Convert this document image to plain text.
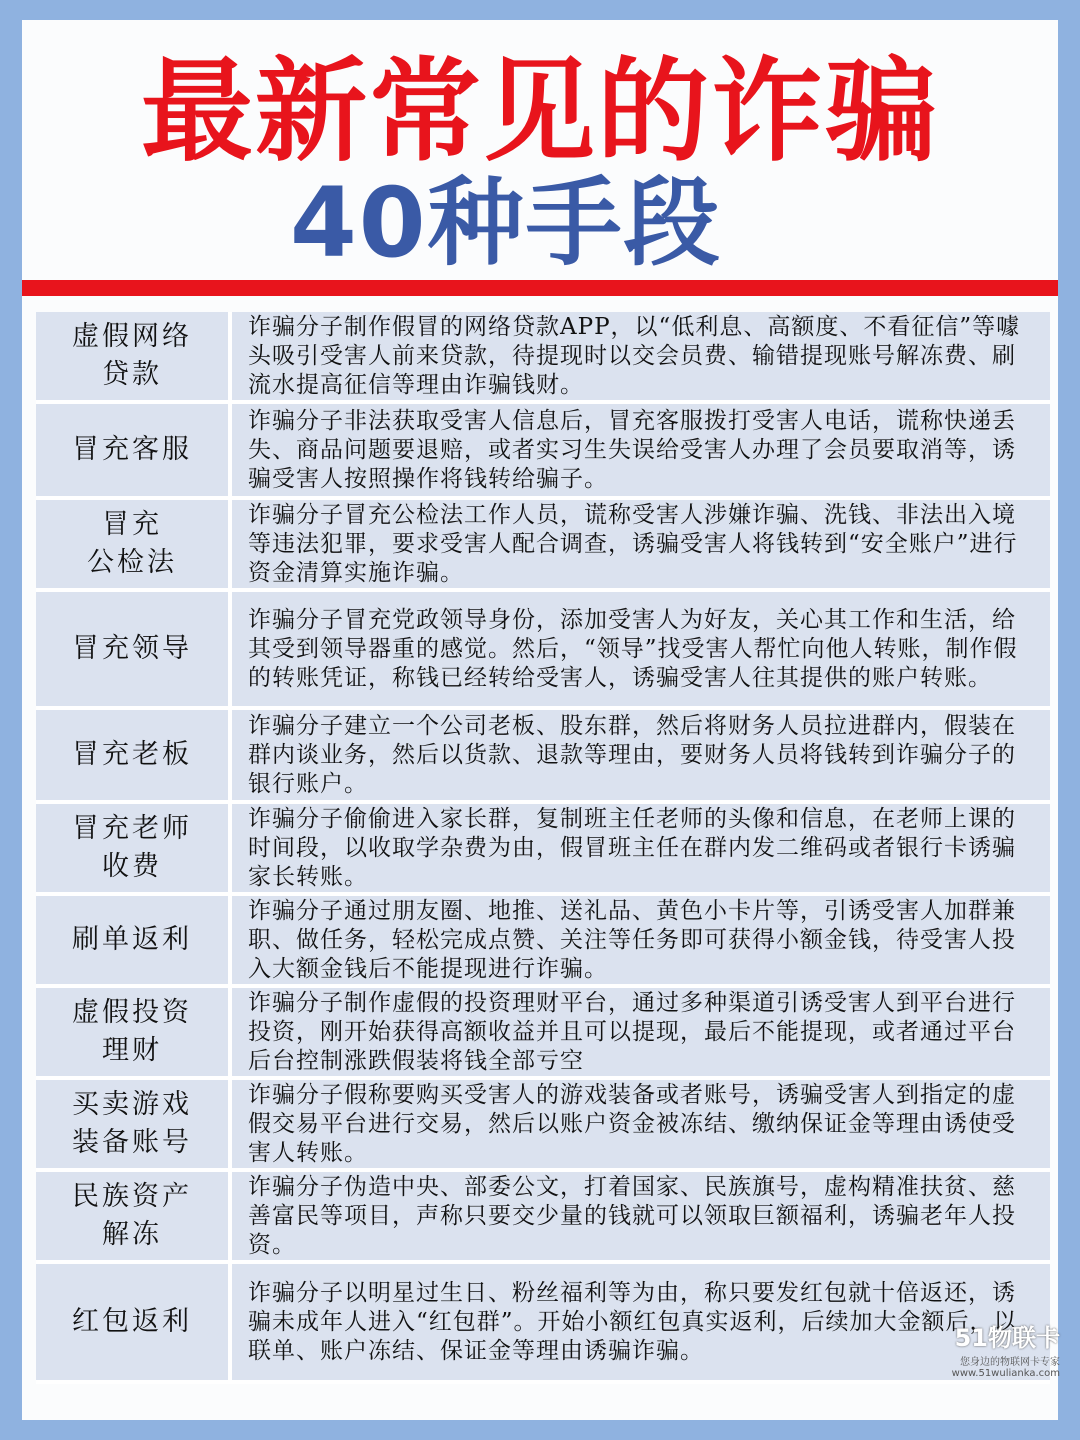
最新常见的诈骗
40种手段
虚假网络
贷款
诈骗分子制作假冒的网络贷款APP，以“低利息、高额度、不看征信”等噱头吸引受害人前来贷款，待提现时以交会员费、输错提现账号解冻费、刷流水提高征信等理由诈骗钱财。
冒充客服
诈骗分子非法获取受害人信息后，冒充客服拨打受害人电话，谎称快递丢失、商品问题要退赔，或者实习生失误给受害人办理了会员要取消等，诱骗受害人按照操作将钱转给骗子。
冒充
公检法
诈骗分子冒充公检法工作人员，谎称受害人涉嫌诈骗、洗钱、非法出入境等违法犯罪，要求受害人配合调查，诱骗受害人将钱转到“安全账户”进行资金清算实施诈骗。
冒充领导
诈骗分子冒充党政领导身份，添加受害人为好友，关心其工作和生活，给其受到领导器重的感觉。然后，“领导”找受害人帮忙向他人转账，制作假的转账凭证，称钱已经转给受害人，诱骗受害人往其提供的账户转账。
冒充老板
诈骗分子建立一个公司老板、股东群，然后将财务人员拉进群内，假装在群内谈业务，然后以货款、退款等理由，要财务人员将钱转到诈骗分子的银行账户。
冒充老师
收费
诈骗分子偷偷进入家长群，复制班主任老师的头像和信息，在老师上课的时间段，以收取学杂费为由，假冒班主任在群内发二维码或者银行卡诱骗家长转账。
刷单返利
诈骗分子通过朋友圈、地推、送礼品、黄色小卡片等，引诱受害人加群兼职、做任务，轻松完成点赞、关注等任务即可获得小额金钱，待受害人投入大额金钱后不能提现进行诈骗。
虚假投资
理财
诈骗分子制作虚假的投资理财平台，通过多种渠道引诱受害人到平台进行投资，刚开始获得高额收益并且可以提现，最后不能提现，或者通过平台后台控制涨跌假装将钱全部亏空
买卖游戏
装备账号
诈骗分子假称要购买受害人的游戏装备或者账号，诱骗受害人到指定的虚假交易平台进行交易，然后以账户资金被冻结、缴纳保证金等理由诱使受害人转账。
民族资产
解冻
诈骗分子伪造中央、部委公文，打着国家、民族旗号，虚构精准扶贫、慈善富民等项目，声称只要交少量的钱就可以领取巨额福利，诱骗老年人投资。
红包返利
诈骗分子以明星过生日、粉丝福利等为由，称只要发红包就十倍返还，诱骗未成年人进入“红包群”。开始小额红包真实返利，后续加大金额后，以联单、账户冻结、保证金等理由诱骗诈骗。	51物联卡
您身边的物联网卡专家
www.51wulianka.com
